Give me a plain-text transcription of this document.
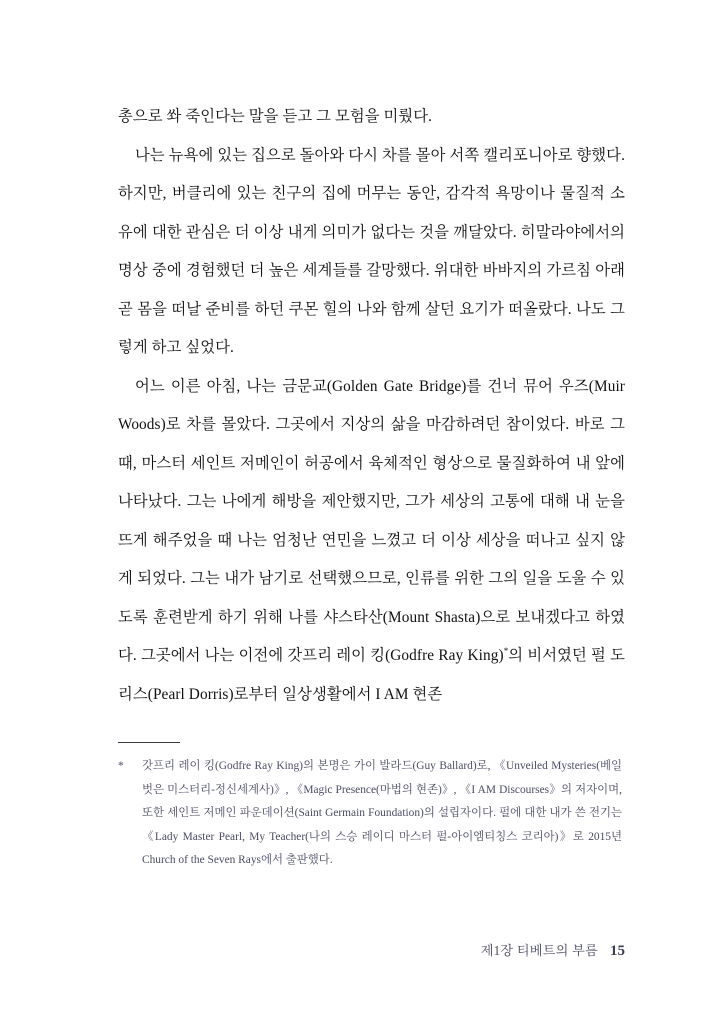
총으로 쏴 죽인다는 말을 듣고 그 모험을 미뤘다.

나는 뉴욕에 있는 집으로 돌아와 다시 차를 몰아 서쪽 캘리포니아로 향했다. 하지만, 버클리에 있는 친구의 집에 머무는 동안, 감각적 욕망이나 물질적 소유에 대한 관심은 더 이상 내게 의미가 없다는 것을 깨달았다. 히말라야에서의 명상 중에 경험했던 더 높은 세계들를 갈망했다. 위대한 바바지의 가르침 아래 곧 몸을 떠날 준비를 하던 쿠몬 힐의 나와 함께 살던 요기가 떠올랐다. 나도 그렇게 하고 싶었다.

어느 이른 아침, 나는 금문교(Golden Gate Bridge)를 건너 뮤어 우즈(Muir Woods)로 차를 몰았다. 그곳에서 지상의 삶을 마감하려던 참이었다. 바로 그때, 마스터 세인트 저메인이 허공에서 육체적인 형상으로 물질화하여 내 앞에 나타났다. 그는 나에게 해방을 제안했지만, 그가 세상의 고통에 대해 내 눈을 뜨게 해주었을 때 나는 엄청난 연민을 느꼈고 더 이상 세상을 떠나고 싶지 않게 되었다. 그는 내가 남기로 선택했으므로, 인류를 위한 그의 일을 도울 수 있도록 훈련받게 하기 위해 나를 샤스타산(Mount Shasta)으로 보내겠다고 하였다. 그곳에서 나는 이전에 갓프리 레이 킹(Godfre Ray King)*의 비서였던 펄 도리스(Pearl Dorris)로부터 일상생활에서 I AM 현존

*	갓프리 레이 킹(Godfre Ray King)의 본명은 가이 발라드(Guy Ballard)로, 《Unveiled Mysteries(베일 벗은 미스터리-정신세계사)》, 《Magic Presence(마법의 현존)》, 《I AM Discourses》의 저자이며, 또한 세인트 저메인 파운데이션(Saint Germain Foundation)의 설립자이다. 펄에 대한 내가 쓴 전기는 《Lady Master Pearl, My Teacher(나의 스승 레이디 마스터 펄-아이엠티칭스 코리아)》로 2015년 Church of the Seven Rays에서 출판했다.
제1장 티베트의 부름 15
